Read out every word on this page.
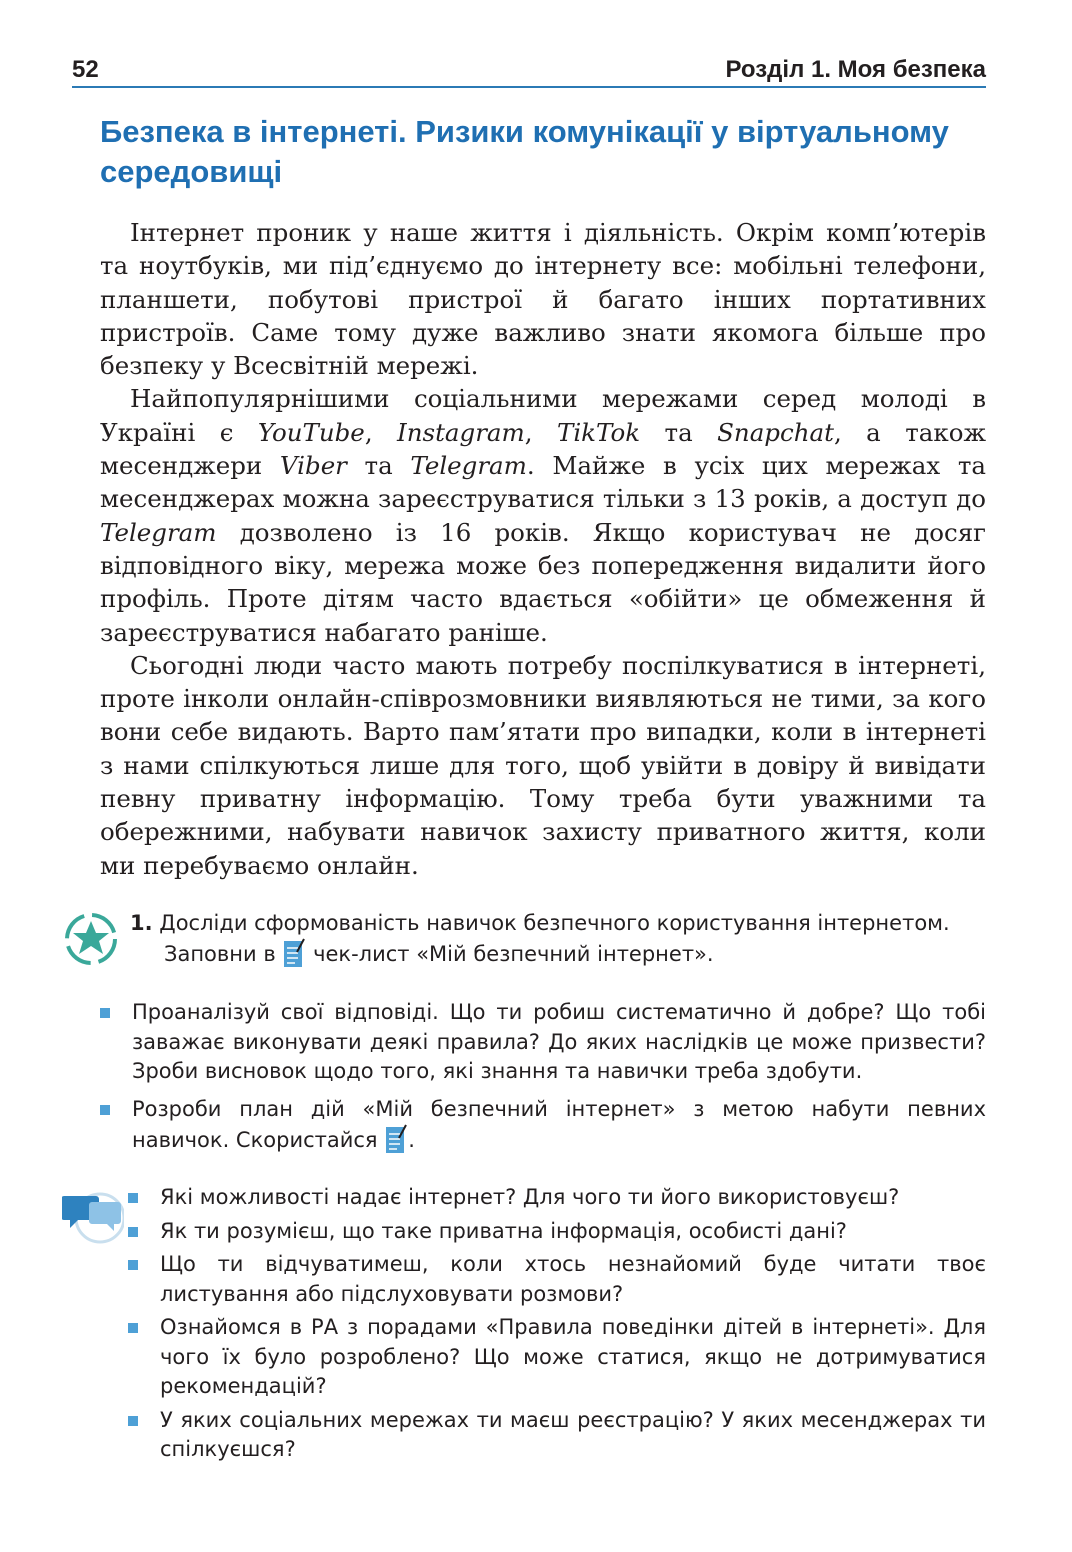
52	Розділ 1. Моя безпека
Безпека в інтернеті. Ризики комунікації у віртуальному середовищі

Інтернет проник у наше життя і діяльність. Окрім комп’ютерів та ноутбуків, ми під’єднуємо до інтернету все: мобільні телефони, планшети, побутові пристрої й багато інших портативних пристроїв. Саме тому дуже важливо знати якомога більше про безпеку у Всесвітній мережі.

Найпопулярнішими соціальними мережами серед молоді в Україні є YouTube, Instagram, TikTok та Snapchat, а також месенджери Viber та Telegram. Майже в усіх цих мережах та месенджерах можна зареєструватися тільки з 13 років, а доступ до Telegram дозволено із 16 років. Якщо користувач не досяг відповідного віку, мережа може без попередження видалити його профіль. Проте дітям часто вдається «обійти» це обмеження й зареєструватися набагато раніше.

Сьогодні люди часто мають потребу поспілкуватися в інтернеті, проте інколи онлайн-співрозмовники виявляються не тими, за кого вони себе видають. Варто пам’ятати про випадки, коли в інтернеті з нами спілкуються лише для того, щоб увійти в довіру й вивідати певну приватну інформацію. Тому треба бути уважними та обережними, набувати навичок захисту приватного життя, коли ми перебуваємо онлайн.

1. Досліди сформованість навичок безпечного користування інтернетом.
Заповни в чек-лист «Мій безпечний інтернет».
Проаналізуй свої відповіді. Що ти робиш систематично й добре? Що тобі заважає виконувати деякі правила? До яких наслідків це може призвести? Зроби висновок щодо того, які знання та навички треба здобути.
Розроби план дій «Мій безпечний інтернет» з метою набути певних навичок. Скористайся .
Які можливості надає інтернет? Для чого ти його використовуєш?
Як ти розумієш, що таке приватна інформація, особисті дані?
Що ти відчуватимеш, коли хтось незнайомий буде читати твоє листування або підслуховувати розмови?
Ознайомся в РА з порадами «Правила поведінки дітей в інтернеті». Для чого їх було розроблено? Що може статися, якщо не дотримуватися рекомендацій?
У яких соціальних мережах ти маєш реєстрацію? У яких месенджерах ти спілкуєшся?
